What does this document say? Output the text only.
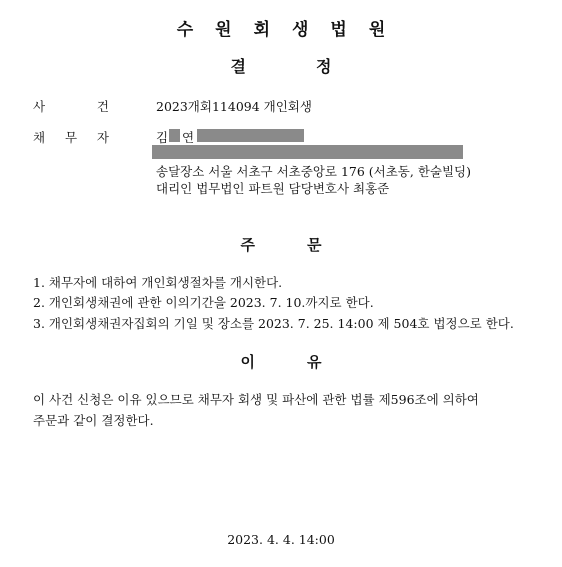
수원회생법원
결정
사	건	2023개회114094 개인회생
채 무 자	김 연
송달장소 서울 서초구 서초중앙로 176 (서초동, 한술빌딩)
대리인 법무법인 파트원 담당변호사 최홍준
주문
1. 채무자에 대하여 개인회생절차를 개시한다.
2. 개인회생채권에 관한 이의기간을 2023. 7. 10.까지로 한다.
3. 개인회생채권자집회의 기일 및 장소를 2023. 7. 25. 14:00 제 504호 법정으로 한다.
이유
이 사건 신청은 이유 있으므로 채무자 회생 및 파산에 관한 법률 제596조에 의하여
주문과 같이 결정한다.
2023. 4. 4. 14:00
